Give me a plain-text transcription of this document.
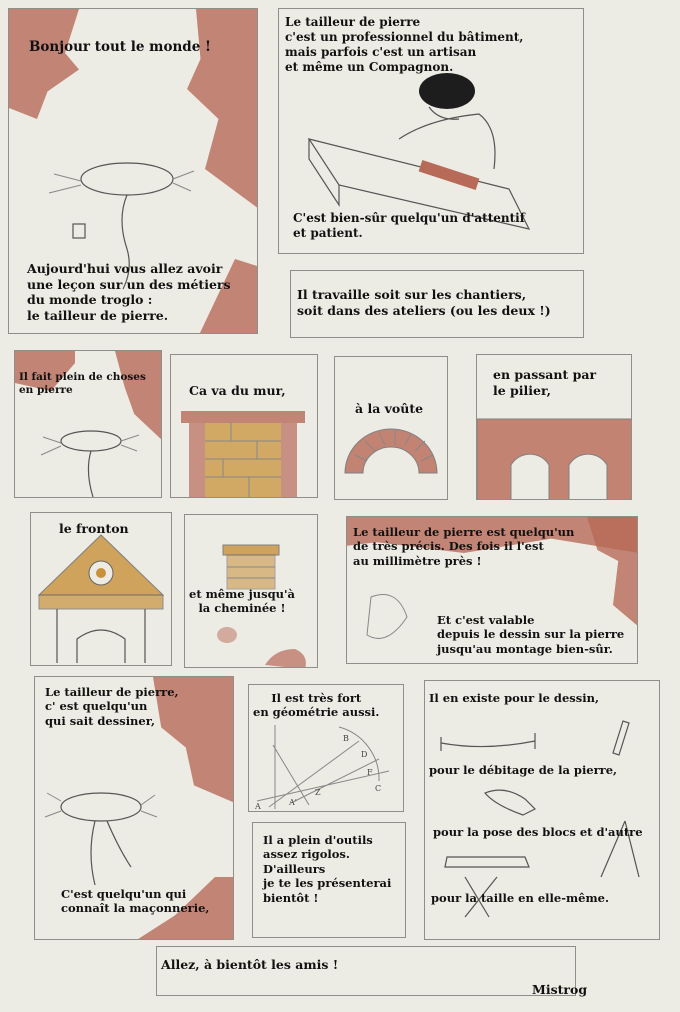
Bonjour tout le monde !

Aujourd'hui vous allez avoir
une leçon sur un des métiers
du monde troglo :
le tailleur de pierre.

Le tailleur de pierre
c'est un professionnel du bâtiment,
mais parfois c'est un artisan
et même un Compagnon.

C'est bien-sûr quelqu'un d'attentif
et patient.

Il travaille soit sur les chantiers,
soit dans des ateliers (ou les deux !)

Il fait plein de choses
en pierre	Ca va du mur,

à la voûte

en passant par
le pilier,

le fronton

et même jusqu'à
la cheminée !

Le tailleur de pierre est quelqu'un
de très précis. Des fois il l'est
au millimètre près !

Et c'est valable
depuis le dessin sur la pierre
jusqu'au montage bien-sûr.

Le tailleur de pierre,
c' est quelqu'un
qui sait dessiner,

C'est quelqu'un qui
connaît la maçonnerie,

Il est très fort
en géométrie aussi.

A	A'
Z	C
F
D
B

Il a plein d'outils
assez rigolos.
D'ailleurs
je te les présenterai
bientôt !

Il en existe pour le dessin,

pour le débitage de la pierre,

pour la pose des blocs et d'autre

pour la taille en elle-même.

Allez, à bientôt les amis !

Mistrog
